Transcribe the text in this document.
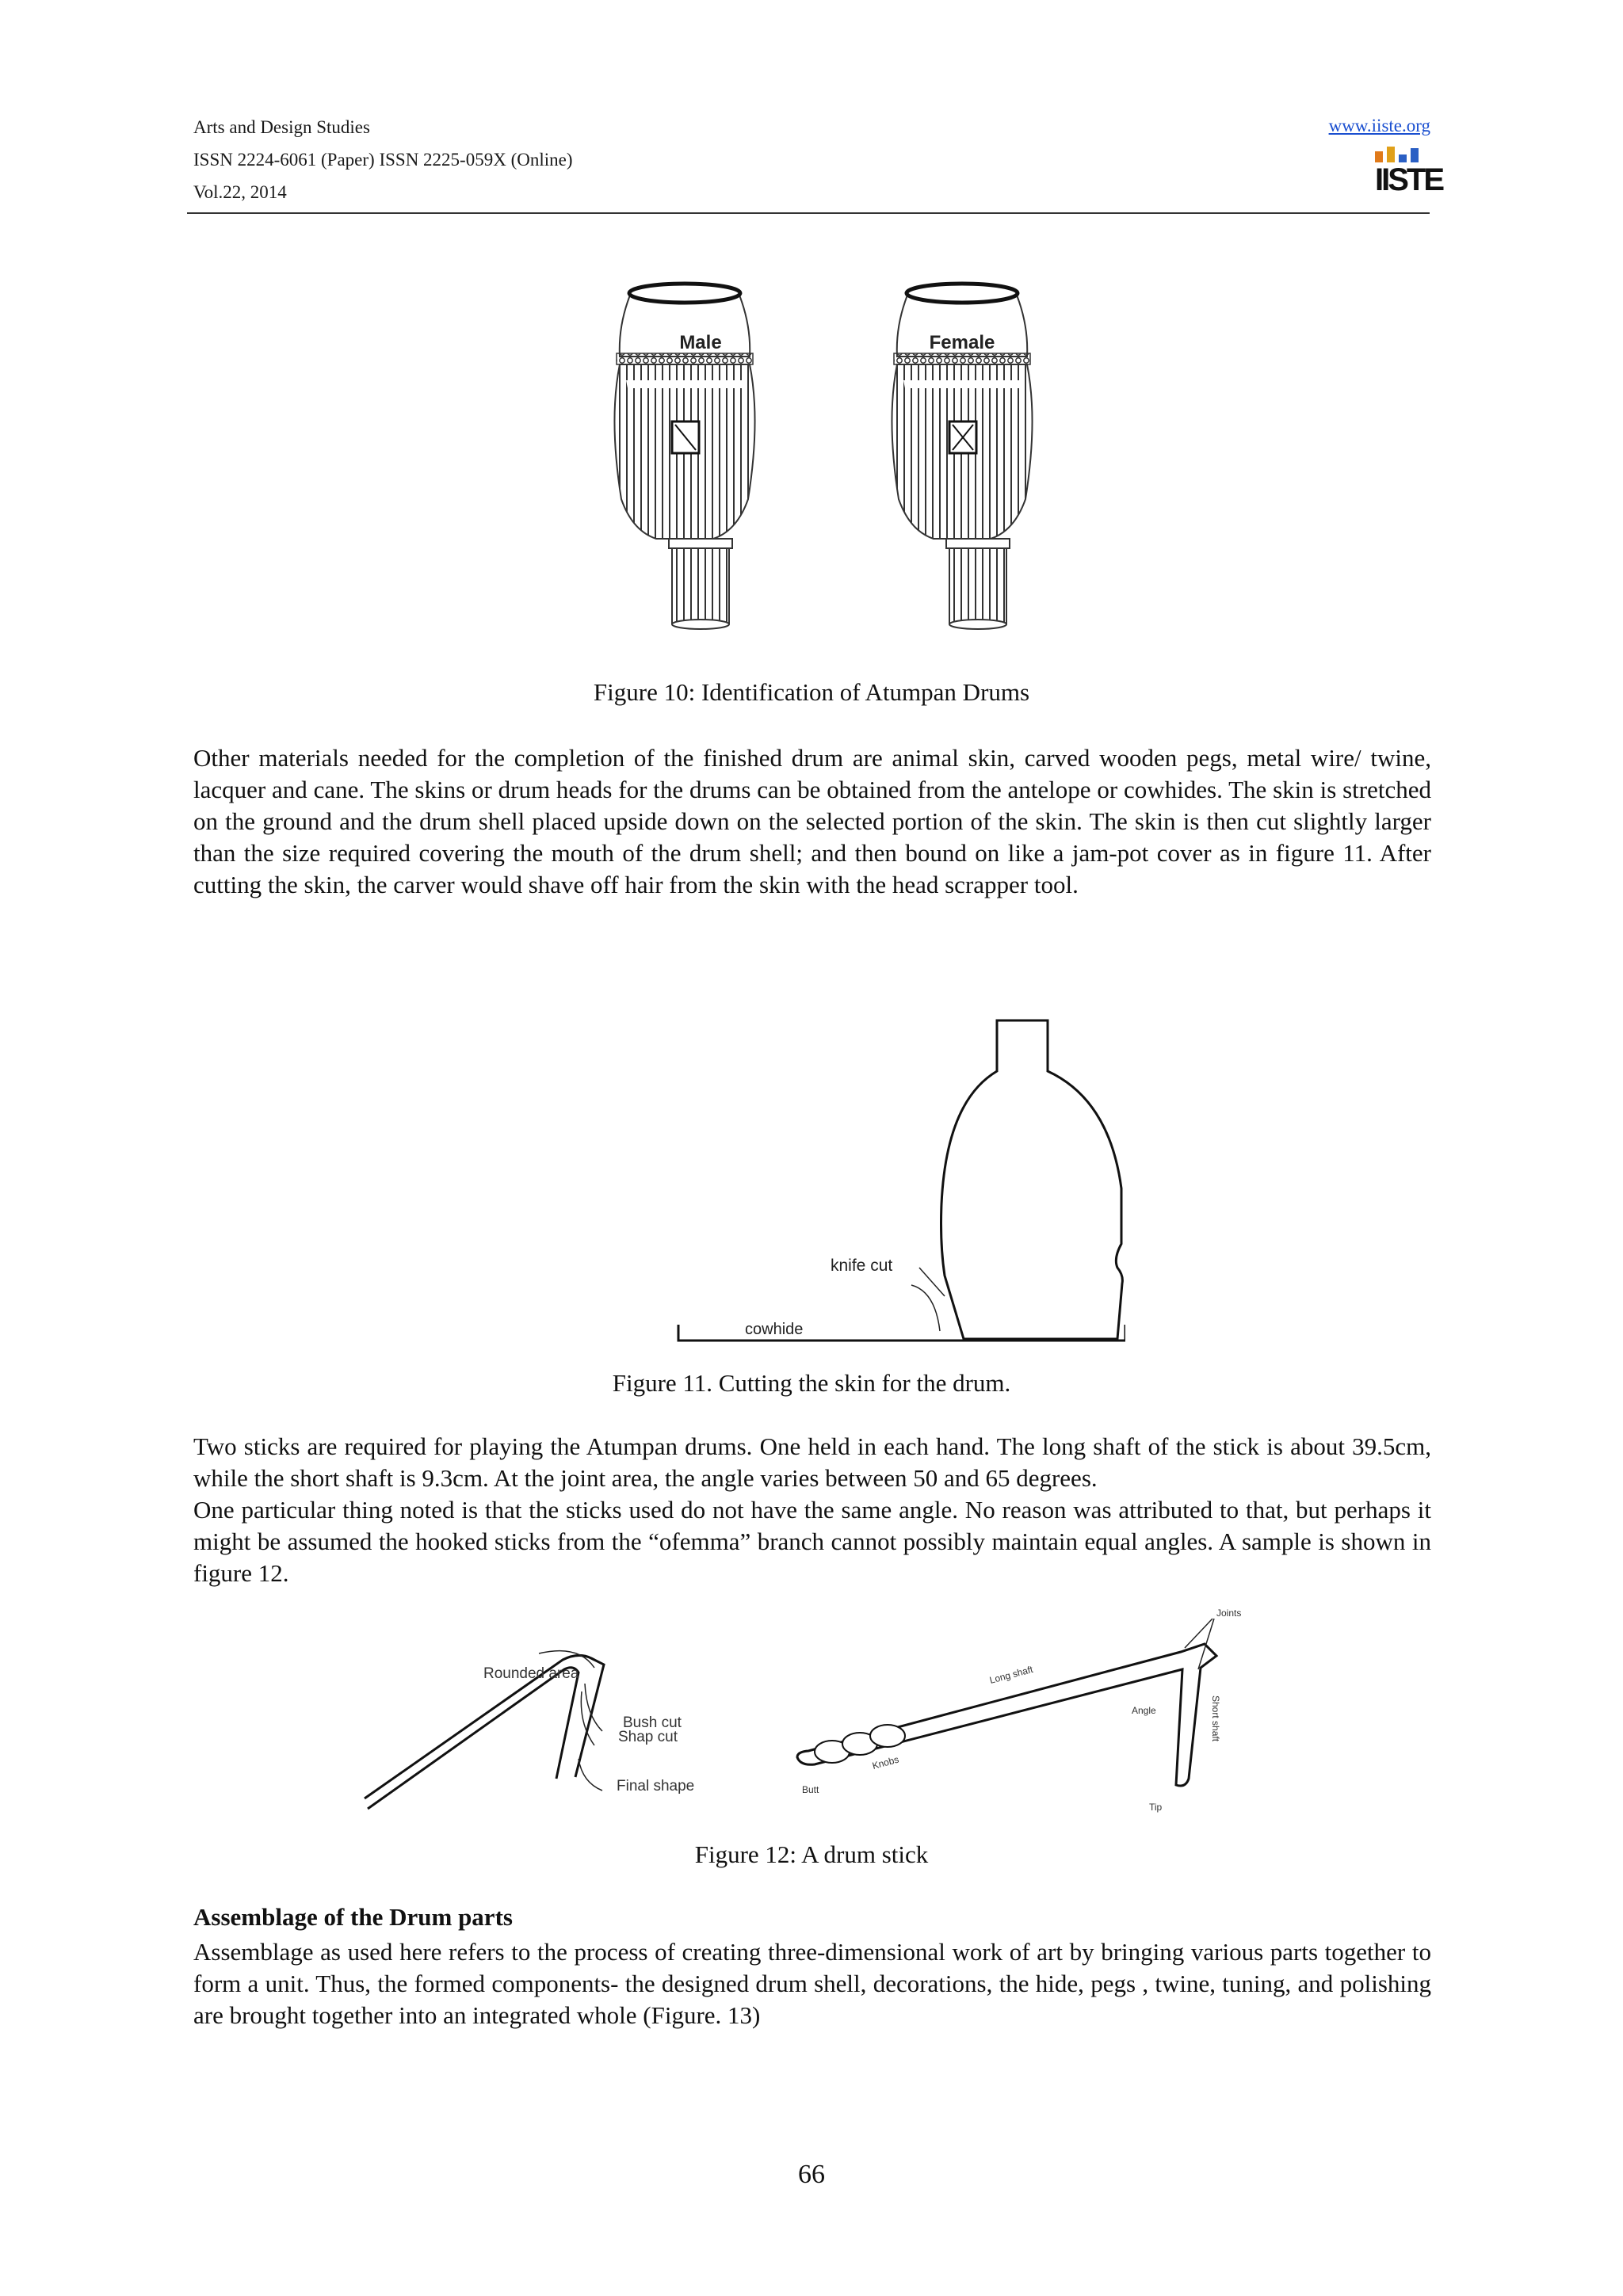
Arts and Design Studies
ISSN 2224-6061 (Paper) ISSN 2225-059X (Online)
Vol.22, 2014
www.iiste.org
IISTE
Male	Female
Figure 10: Identification of Atumpan Drums

Other materials needed for the completion of the finished drum are animal skin, carved wooden pegs, metal wire/ twine, lacquer and cane. The skins or drum heads for the drums can be obtained from the antelope or cowhides. The skin is stretched on the ground and the drum shell placed upside down on the selected portion of the skin. The skin is then cut slightly larger than the size required covering the mouth of the drum shell; and then bound on like a jam-pot cover as in figure 11. After cutting the skin, the carver would shave off hair from the skin with the head scrapper tool.

knife cut
cowhide
Figure 11. Cutting the skin for the drum.

Two sticks are required for playing the Atumpan drums. One held in each hand. The long shaft of the stick is about 39.5cm, while the short shaft is 9.3cm. At the joint area, the angle varies between 50 and 65 degrees.

One particular thing noted is that the sticks used do not have the same angle. No reason was attributed to that, but perhaps it might be assumed the hooked sticks from the “ofemma” branch cannot possibly maintain equal angles. A sample is shown in figure 12.

Rounded area
Bush cut
Shap cut
Final shape
Joints
Long shaft
Angle	Short shaft
Knobs
Butt
Tip
Figure 12: A drum stick
Assemblage of the Drum parts

Assemblage as used here refers to the process of creating three-dimensional work of art by bringing various parts together to form a unit. Thus, the formed components- the designed drum shell, decorations, the hide, pegs , twine, tuning, and polishing are brought together into an integrated whole (Figure. 13)

66
